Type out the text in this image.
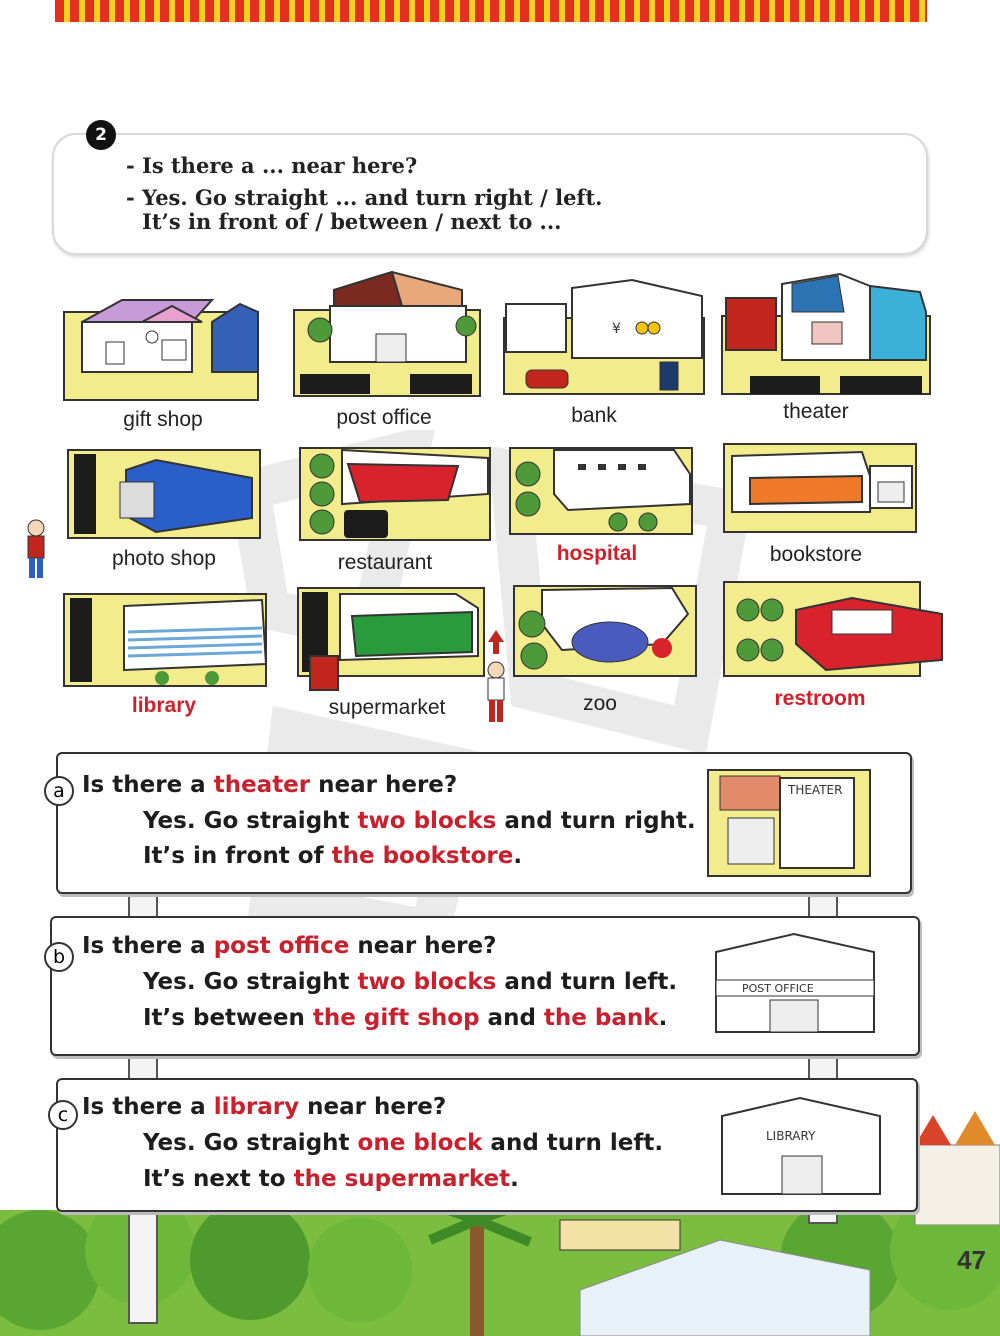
- Is there a ... near here?
- Yes. Go straight ... and turn right / left.
It’s in front of / between / next to ...
2
¥
gift shop	post office	bank	theater
photo shop	restaurant	hospital	bookstore
library	supermarket	zoo	restroom
a Is there a theater near here?
Yes. Go straight two blocks and turn right.
It’s in front of the bookstore.
THEATER
b Is there a post office near here?
Yes. Go straight two blocks and turn left.
It’s between the gift shop and the bank.
POST OFFICE
c Is there a library near here?
Yes. Go straight one block and turn left.
It’s next to the supermarket.
LIBRARY
47
